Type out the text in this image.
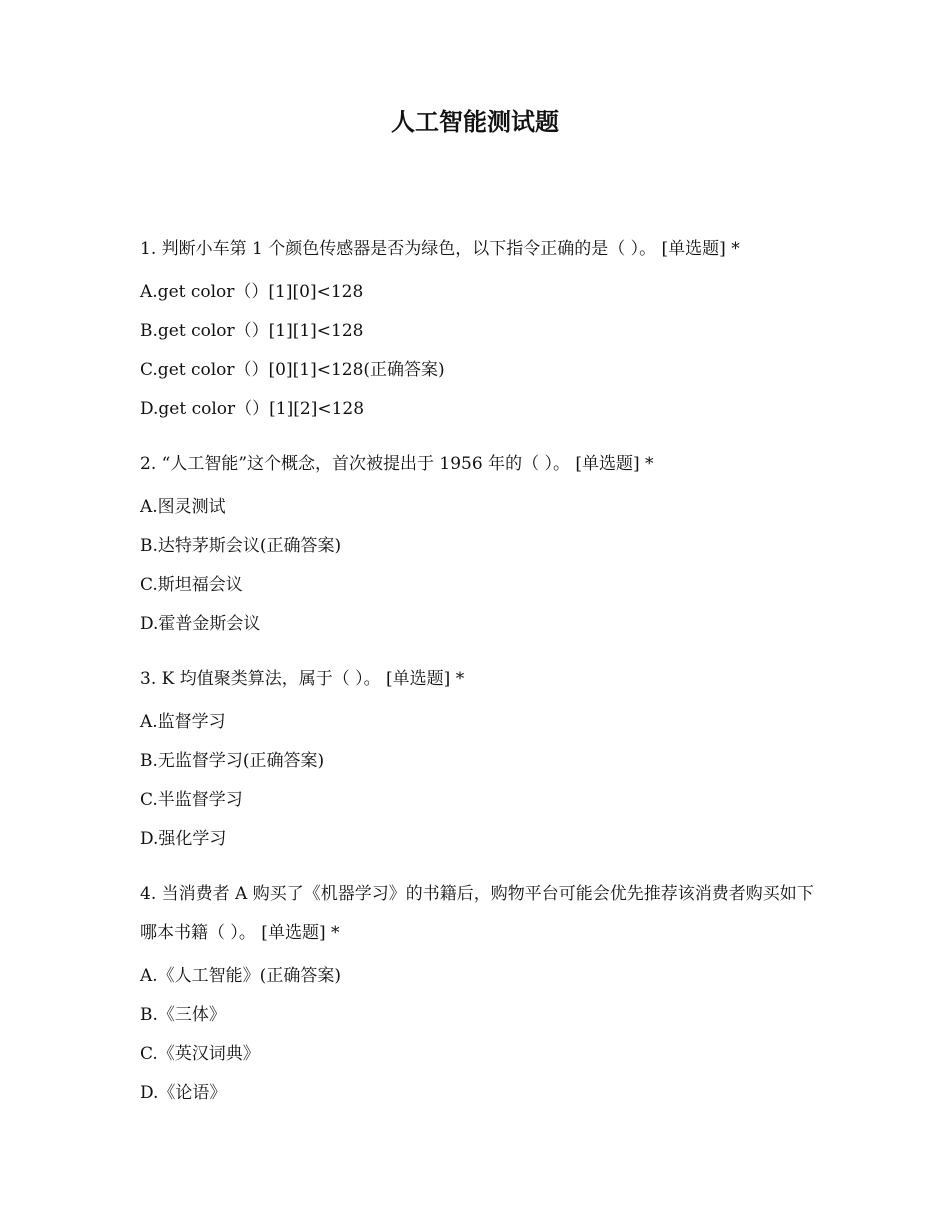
人工智能测试题

1. 判断小车第 1 个颜色传感器是否为绿色，以下指令正确的是（ ）。 [单选题] *

A.get color（）[1][0]<128

B.get color（）[1][1]<128

C.get color（）[0][1]<128(正确答案)

D.get color（）[1][2]<128

2. “人工智能”这个概念，首次被提出于 1956 年的（ ）。 [单选题] *

A.图灵测试

B.达特茅斯会议(正确答案)

C.斯坦福会议

D.霍普金斯会议

3. K 均值聚类算法，属于（ ）。 [单选题] *

A.监督学习

B.无监督学习(正确答案)

C.半监督学习

D.强化学习

4. 当消费者 A 购买了《机器学习》的书籍后，购物平台可能会优先推荐该消费者购买如下哪本书籍（ ）。 [单选题] *

A.《人工智能》(正确答案)

B.《三体》

C.《英汉词典》

D.《论语》
